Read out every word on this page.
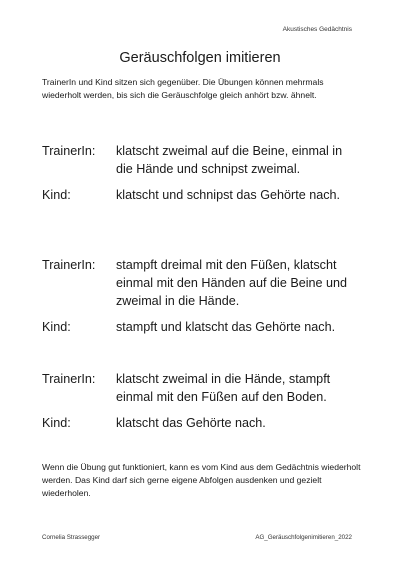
Akustisches Gedächtnis
Geräuschfolgen imitieren
TrainerIn und Kind sitzen sich gegenüber. Die Übungen können mehrmals wiederholt werden, bis sich die Geräuschfolge gleich anhört bzw. ähnelt.
TrainerIn:	klatscht zweimal auf die Beine, einmal in die Hände und schnipst zweimal.
Kind:	klatscht und schnipst das Gehörte nach.
TrainerIn:	stampft dreimal mit den Füßen, klatscht einmal mit den Händen auf die Beine und zweimal in die Hände.
Kind:	stampft und klatscht das Gehörte nach.
TrainerIn:	klatscht zweimal in die Hände, stampft einmal mit den Füßen auf den Boden.
Kind:	klatscht das Gehörte nach.
Wenn die Übung gut funktioniert, kann es vom Kind aus dem Gedächtnis wiederholt werden. Das Kind darf sich gerne eigene Abfolgen ausdenken und gezielt wiederholen.
Cornelia Strassegger	AG_Geräuschfolgenimitieren_2022
